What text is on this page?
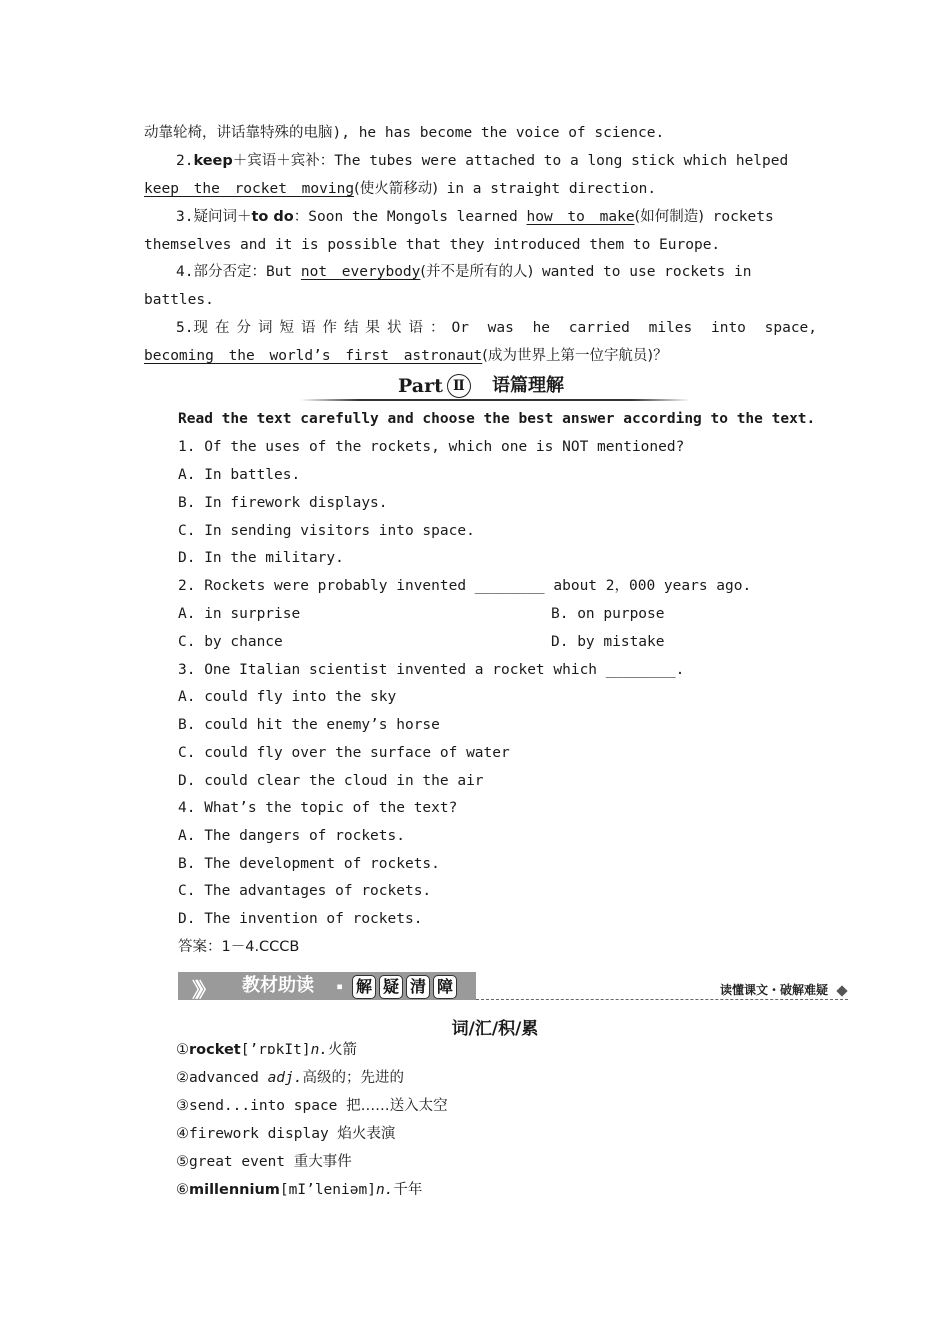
动靠轮椅，讲话靠特殊的电脑), he has become the voice of science.
2.keep＋宾语＋宾补：The tubes were attached to a long stick which helped
keep the rocket moving(使火箭移动) in a straight direction.
3.疑问词＋to do：Soon the Mongols learned how to make(如何制造) rockets
themselves and it is possible that they introduced them to Europe.
4.部分否定：But not everybody(并不是所有的人) wanted to use rockets in
battles.
5.现在分词短语作结果状语：Or was he carried miles into space,
becoming the world’s first astronaut(成为世界上第一位宇航员)？
Part Ⅱ	语篇理解
Read the text carefully and choose the best answer according to the text.
1. Of the uses of the rockets, which one is NOT mentioned?
A. In battles.
B. In firework displays.
C. In sending visitors into space.
D. In the military.
2. Rockets were probably invented ________ about 2，000 years ago.
A. in surprise	B. on purpose
C. by chance	D. by mistake
3. One Italian scientist invented a rocket which ________.
A. could fly into the sky
B. could hit the enemy’s horse
C. could fly over the surface of water
D. could clear the cloud in the air
4. What’s the topic of the text?
A. The dangers of rockets.
B. The development of rockets.
C. The advantages of rockets.
D. The invention of rockets.
答案：1－4.CCCB
》》 教材助读 ▪ 解 疑 清 障	读懂课文・破解难疑
词/汇/积/累
①rocket[’rɒkIt]n.火箭
②advanced adj.高级的；先进的
③send...into space 把……送入太空
④firework display 焰火表演
⑤great event 重大事件
⑥millennium[mI’leniəm]n.千年
